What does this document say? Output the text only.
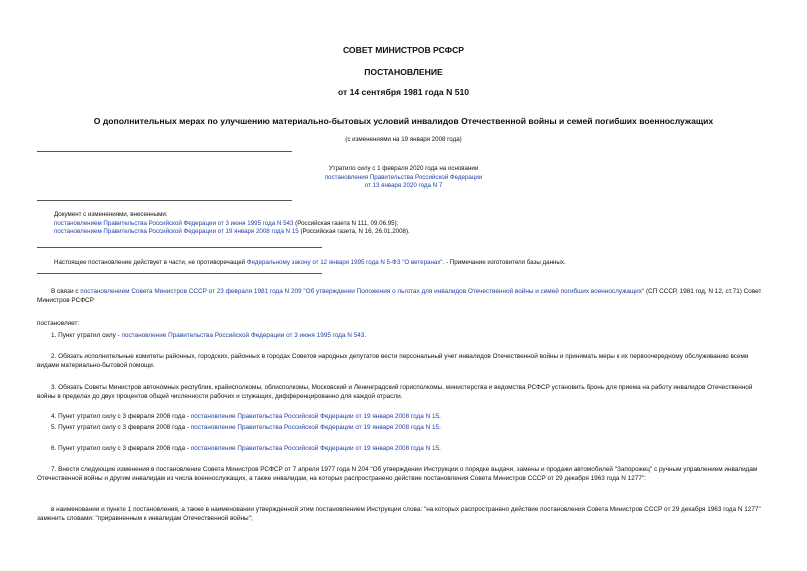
СОВЕТ МИНИСТРОВ РСФСР
ПОСТАНОВЛЕНИЕ
от 14 сентября 1981 года N 510
О дополнительных мерах по улучшению материально-бытовых условий инвалидов Отечественной войны и семей погибших военнослужащих
(с изменениями на 19 января 2008 года)
Утратило силу с 1 февраля 2020 года на основании
постановления Правительства Российской Федерации
от 13 января 2020 года N 7
Документ с изменениями, внесенными:
постановлением Правительства Российской Федерации от 3 июня 1995 года N 543 (Российская газета N 111, 09.06.95);
постановлением Правительства Российской Федерации от 19 января 2008 года N 15 (Российская газета, N 16, 26.01.2008).
Настоящее постановление действует в части, не противоречащей Федеральному закону от 12 января 1995 года N 5-ФЗ "О ветеранах". - Примечание изготовителя базы данных.
В связи с постановлением Совета Министров СССР от 23 февраля 1981 года N 209 "Об утверждении Положения о льготах для инвалидов Отечественной войны и семей погибших военнослужащих" (СП СССР, 1981 год, N 12, ст.71) Совет Министров РСФСР
постановляет:
1. Пункт утратил силу - постановление Правительства Российской Федерации от 3 июня 1995 года N 543.
2. Обязать исполнительные комитеты районных, городских, районных в городах Советов народных депутатов вести персональный учет инвалидов Отечественной войны и принимать меры к их первоочередному обслуживанию всеми видами материально-бытовой помощи.
3. Обязать Советы Министров автономных республик, крайисполкомы, облисполкомы, Московский и Ленинградский горисполкомы, министерства и ведомства РСФСР установить бронь для приема на работу инвалидов Отечественной войны в пределах до двух процентов общей численности рабочих и служащих, дифференцированно для каждой отрасли.
4. Пункт утратил силу с 3 февраля 2008 года - постановление Правительства Российской Федерации от 19 января 2008 года N 15.
5. Пункт утратил силу с 3 февраля 2008 года - постановление Правительства Российской Федерации от 19 января 2008 года N 15.
6. Пункт утратил силу с 3 февраля 2008 года - постановление Правительства Российской Федерации от 19 января 2008 года N 15.
7. Внести следующие изменения в постановление Совета Министров РСФСР от 7 апреля 1977 года N 204 "Об утверждении Инструкции о порядке выдачи, замены и продажи автомобилей "Запорожец" с ручным управлением инвалидам Отечественной войны и другим инвалидам из числа военнослужащих, а также инвалидам, на которых распространено действие постановления Совета Министров СССР от 29 декабря 1963 года N 1277":
в наименовании и пункте 1 постановления, а также в наименовании утвержденной этим постановлением Инструкции слова: "на которых распространено действие постановления Совета Министров СССР от 29 декабря 1963 года N 1277" заменить словами: "приравненным к инвалидам Отечественной войны";
